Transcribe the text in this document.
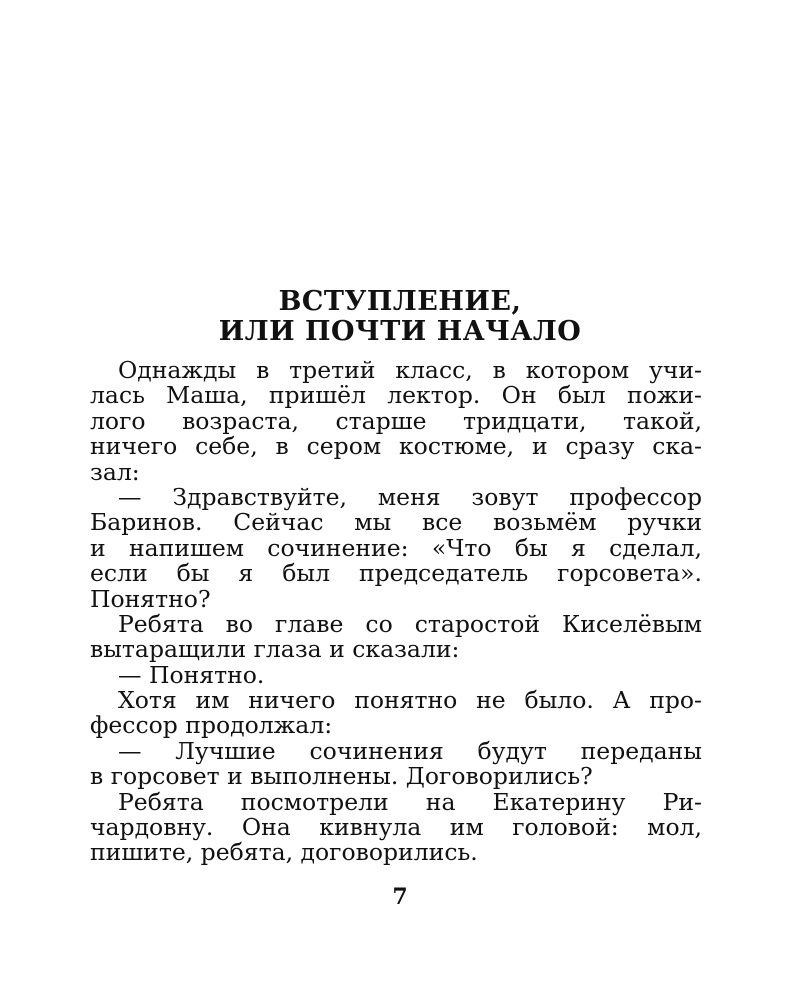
ВСТУПЛЕНИЕ,
ИЛИ ПОЧТИ НАЧАЛО
Однажды в третий класс, в котором учи-
лась Маша, пришёл лектор. Он был пожи-
лого возраста, старше тридцати, такой,
ничего себе, в сером костюме, и сразу ска-
зал:
— Здравствуйте, меня зовут профессор
Баринов. Сейчас мы все возьмём ручки
и напишем сочинение: «Что бы я сделал,
если бы я был председатель горсовета».
Понятно?
Ребята во главе со старостой Киселёвым
вытаращили глаза и сказали:
— Понятно.
Хотя им ничего понятно не было. А про-
фессор продолжал:
— Лучшие сочинения будут переданы
в горсовет и выполнены. Договорились?
Ребята посмотрели на Екатерину Ри-
чардовну. Она кивнула им головой: мол,
пишите, ребята, договорились.
7
